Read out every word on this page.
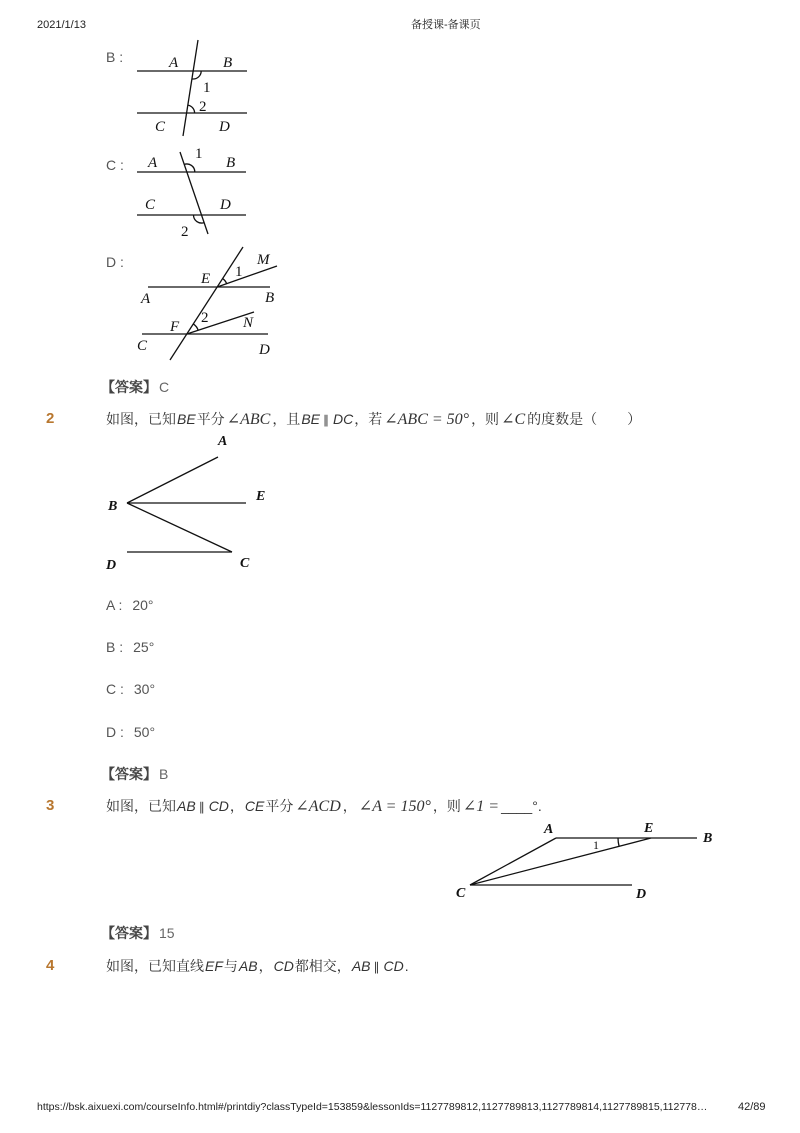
2021/1/13	备授课-备课页
B :	A	B
1
2
C	D
C : A
1
B
C	D
2
D :
E 1
M
A	B
F
2 N
C	D
【答案】 C
2	如图，已知 BE 平分 ∠ABC ，且 BE ∥ DC ，若 ∠ABC = 50° ，则 ∠C 的度数是（ ）
A
B
E
D	C
A : 20°
B : 25°
C : 30°
D : 50°
【答案】 B
3	如图，已知 AB ∥ CD ， CE 平分 ∠ACD ， ∠A = 150° ，则 ∠1 = ____ °.
A	E
B
1
C	D
【答案】 15
4	如图，已知直线 EF 与 AB ， CD 都相交， AB ∥ CD .
https://bsk.aixuexi.com/courseInfo.html#/printdiy?classTypeId=153859&lessonIds=1127789812,1127789813,1127789814,1127789815,112778…	42/89
